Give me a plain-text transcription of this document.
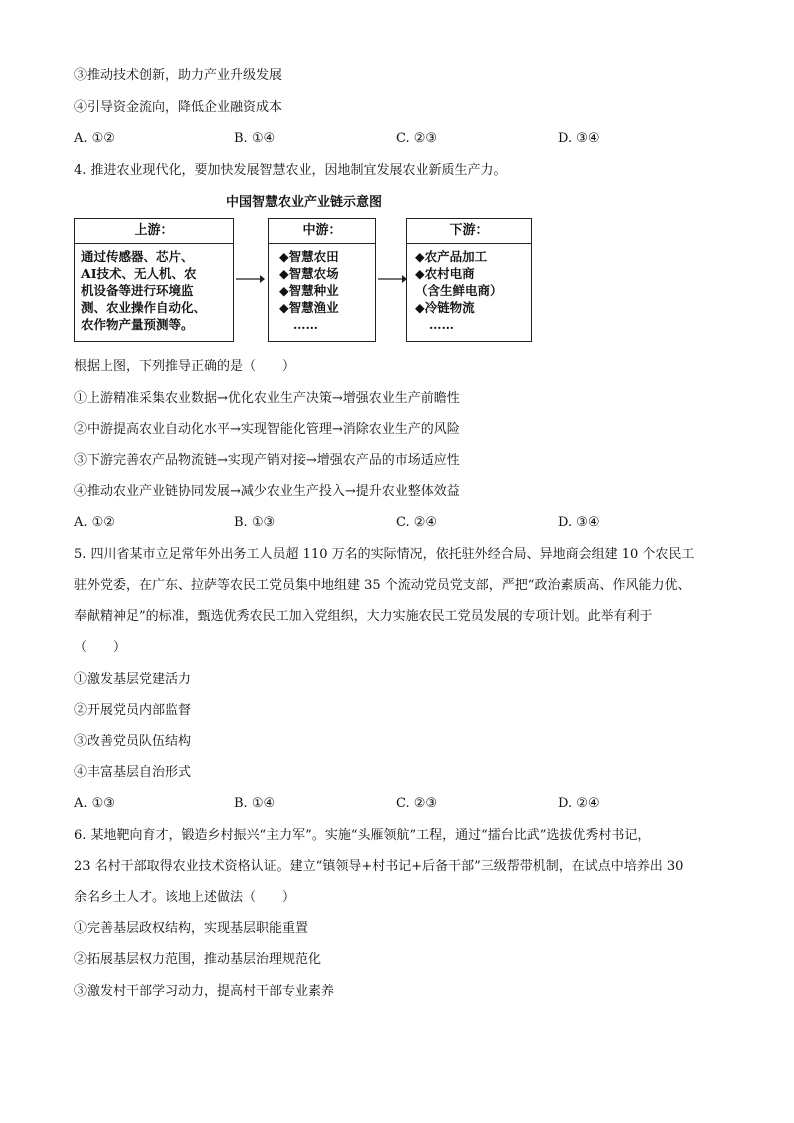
③推动技术创新，助力产业升级发展
④引导资金流向，降低企业融资成本
A. ①②	B. ①④	C. ②③	D. ③④
4. 推进农业现代化，要加快发展智慧农业，因地制宜发展农业新质生产力。
中国智慧农业产业链示意图
上游：
通过传感器、芯片、
AI技术、无人机、农
机设备等进行环境监
测、农业操作自动化、
农作物产量预测等。
中游：
◆智慧农田
◆智慧农场
◆智慧种业
◆智慧渔业
……
下游：
◆农产品加工
◆农村电商
（含生鲜电商）
◆冷链物流
……
根据上图，下列推导正确的是（　　）
①上游精准采集农业数据→优化农业生产决策→增强农业生产前瞻性
②中游提高农业自动化水平→实现智能化管理→消除农业生产的风险
③下游完善农产品物流链→实现产销对接→增强农产品的市场适应性
④推动农业产业链协同发展→减少农业生产投入→提升农业整体效益
A. ①②	B. ①③	C. ②④	D. ③④
5. 四川省某市立足常年外出务工人员超 110 万名的实际情况，依托驻外经合局、异地商会组建 10 个农民工
驻外党委，在广东、拉萨等农民工党员集中地组建 35 个流动党员党支部，严把“政治素质高、作风能力优、
奉献精神足”的标准，甄选优秀农民工加入党组织，大力实施农民工党员发展的专项计划。此举有利于
（　　）
①激发基层党建活力
②开展党员内部监督
③改善党员队伍结构
④丰富基层自治形式
A. ①③	B. ①④	C. ②③	D. ②④
6. 某地靶向育才，锻造乡村振兴“主力军”。实施“头雁领航”工程，通过“擂台比武”选拔优秀村书记，
23 名村干部取得农业技术资格认证。建立“镇领导+村书记+后备干部”三级帮带机制，在试点中培养出 30
余名乡土人才。该地上述做法（　　）
①完善基层政权结构，实现基层职能重置
②拓展基层权力范围，推动基层治理规范化
③激发村干部学习动力，提高村干部专业素养
